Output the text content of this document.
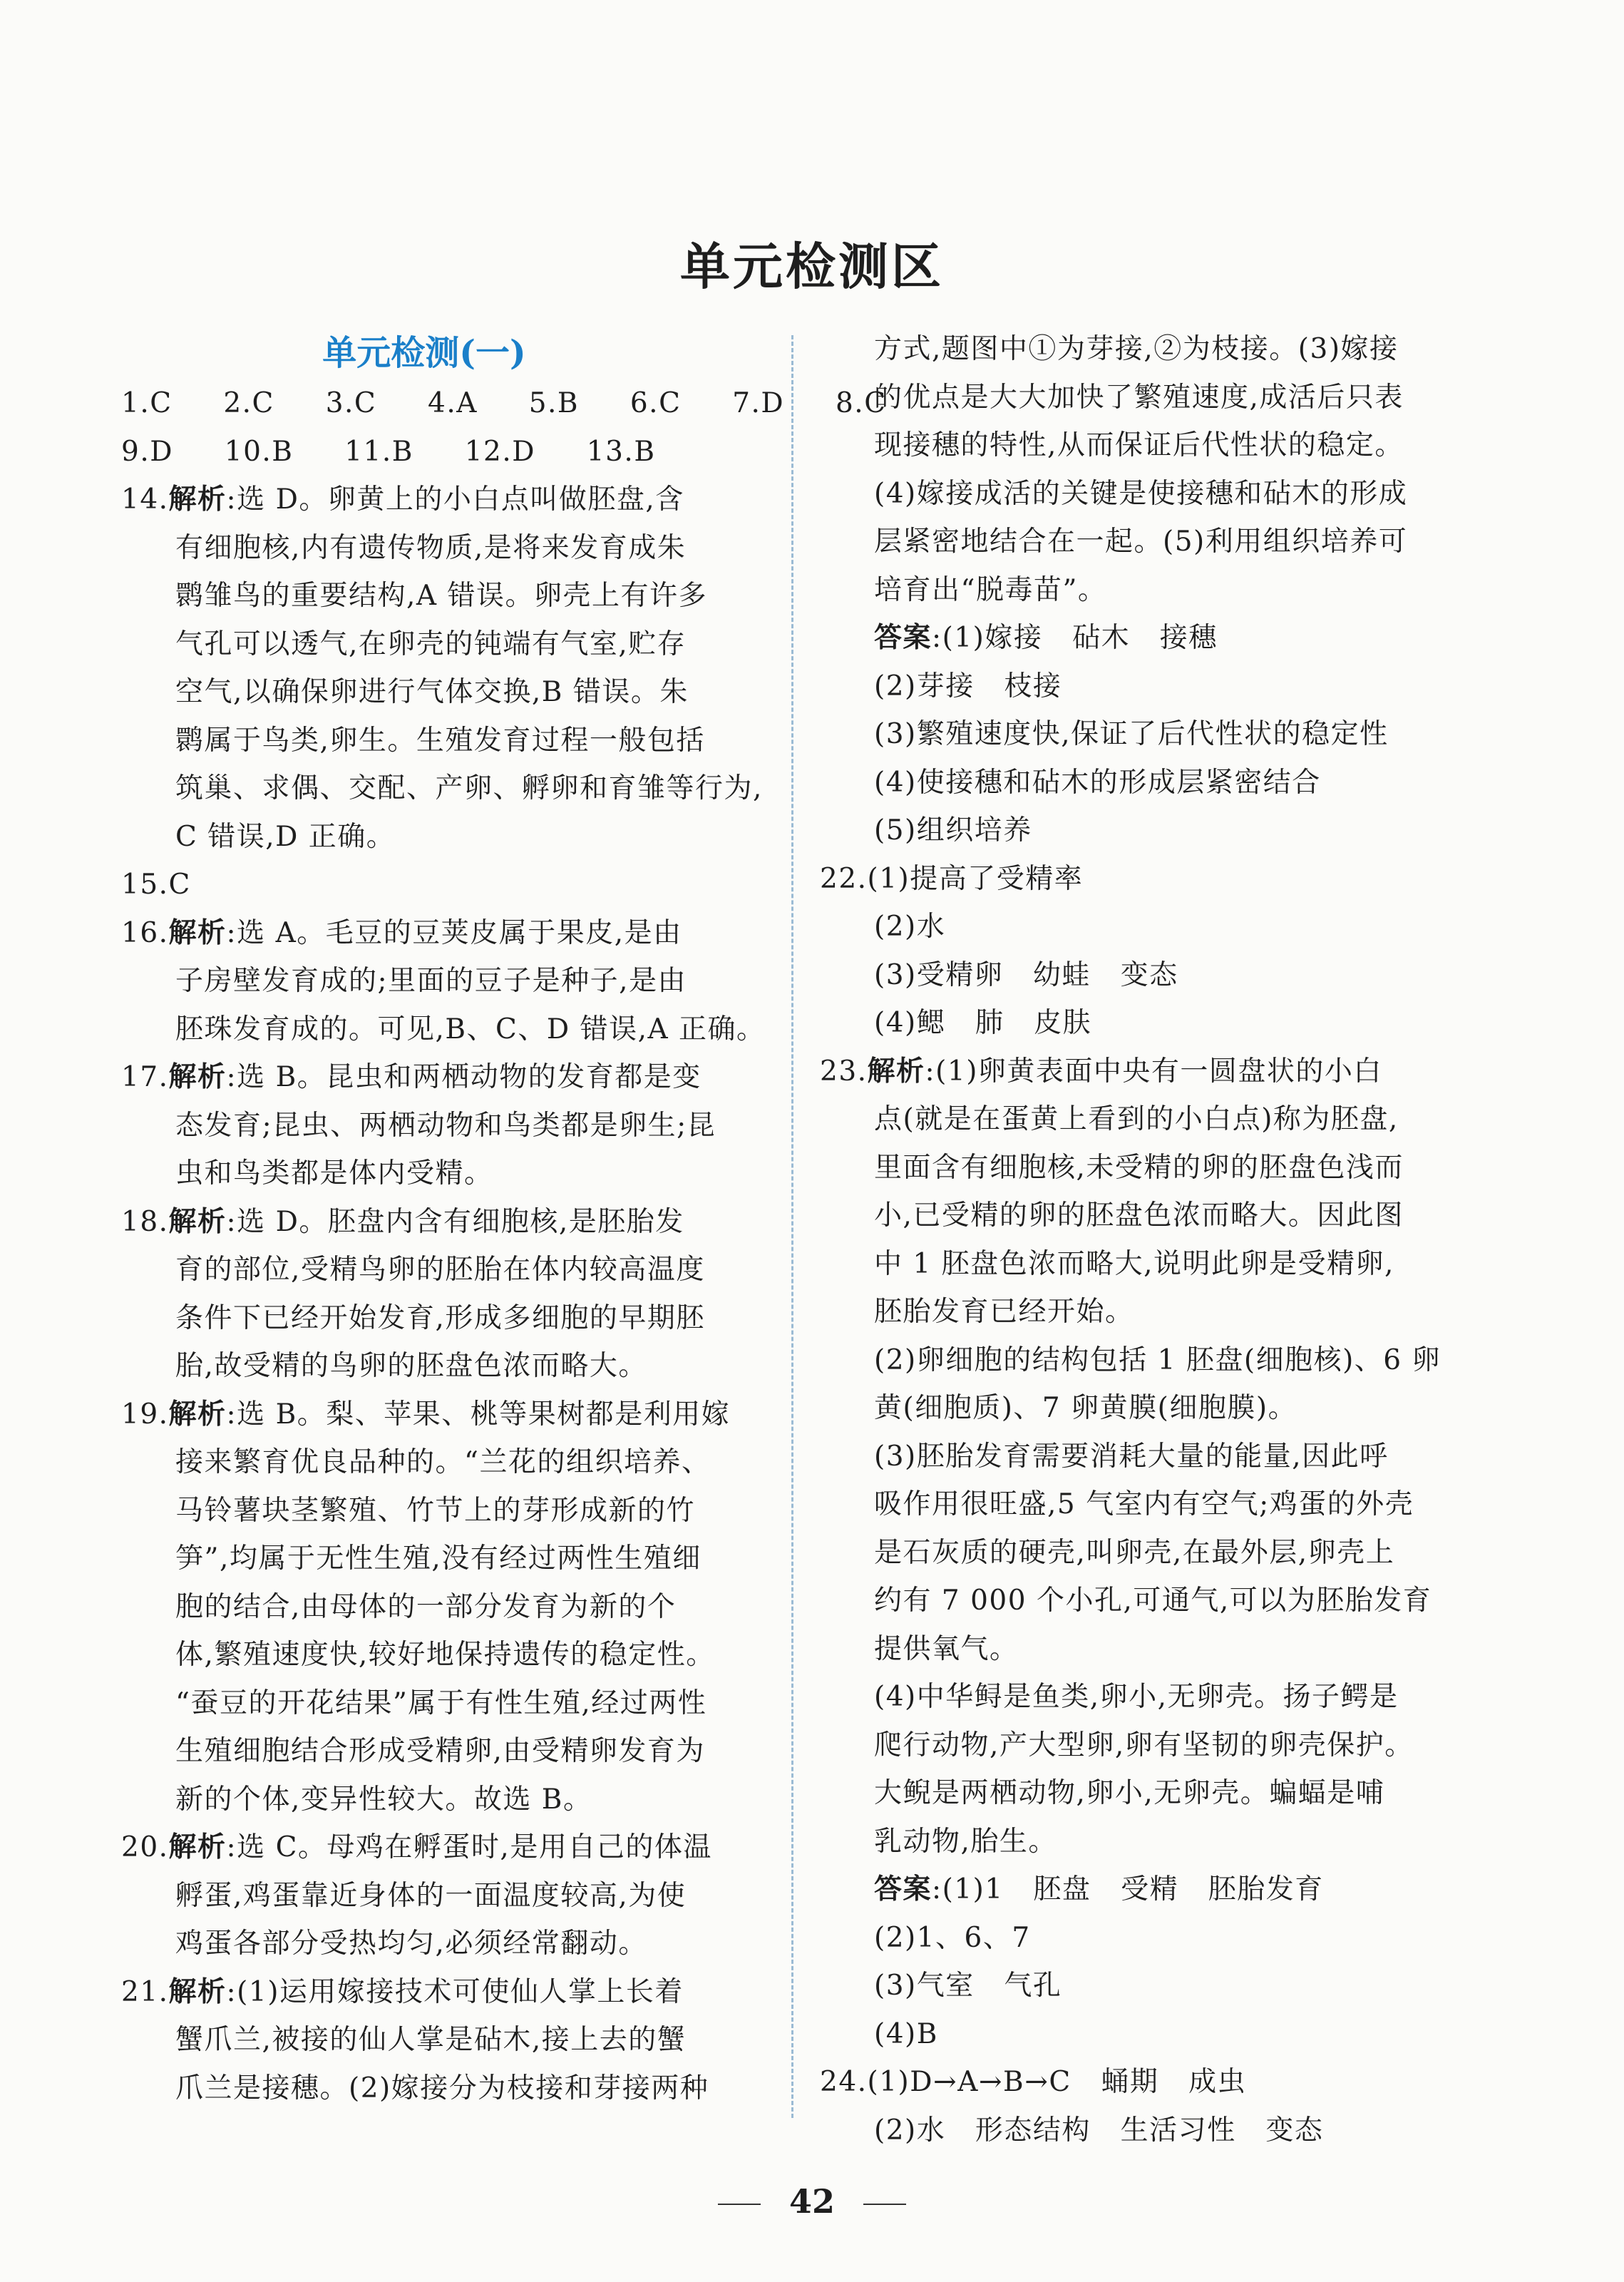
单元检测区
单元检测(一)
1.C  2.C  3.C  4.A  5.B  6.C  7.D  8.C
9.D  10.B  11.B  12.D  13.B
14.解析:选 D。卵黄上的小白点叫做胚盘,含
有细胞核,内有遗传物质,是将来发育成朱
鹮雏鸟的重要结构,A 错误。卵壳上有许多
气孔可以透气,在卵壳的钝端有气室,贮存
空气,以确保卵进行气体交换,B 错误。朱
鹮属于鸟类,卵生。生殖发育过程一般包括
筑巢、求偶、交配、产卵、孵卵和育雏等行为,
C 错误,D 正确。
15.C
16.解析:选 A。毛豆的豆荚皮属于果皮,是由
子房壁发育成的;里面的豆子是种子,是由
胚珠发育成的。可见,B、C、D 错误,A 正确。
17.解析:选 B。昆虫和两栖动物的发育都是变
态发育;昆虫、两栖动物和鸟类都是卵生;昆
虫和鸟类都是体内受精。
18.解析:选 D。胚盘内含有细胞核,是胚胎发
育的部位,受精鸟卵的胚胎在体内较高温度
条件下已经开始发育,形成多细胞的早期胚
胎,故受精的鸟卵的胚盘色浓而略大。
19.解析:选 B。梨、苹果、桃等果树都是利用嫁
接来繁育优良品种的。“兰花的组织培养、
马铃薯块茎繁殖、竹节上的芽形成新的竹
笋”,均属于无性生殖,没有经过两性生殖细
胞的结合,由母体的一部分发育为新的个
体,繁殖速度快,较好地保持遗传的稳定性。
“蚕豆的开花结果”属于有性生殖,经过两性
生殖细胞结合形成受精卵,由受精卵发育为
新的个体,变异性较大。故选 B。
20.解析:选 C。母鸡在孵蛋时,是用自己的体温
孵蛋,鸡蛋靠近身体的一面温度较高,为使
鸡蛋各部分受热均匀,必须经常翻动。
21.解析:(1)运用嫁接技术可使仙人掌上长着
蟹爪兰,被接的仙人掌是砧木,接上去的蟹
爪兰是接穗。(2)嫁接分为枝接和芽接两种
方式,题图中①为芽接,②为枝接。(3)嫁接
的优点是大大加快了繁殖速度,成活后只表
现接穗的特性,从而保证后代性状的稳定。
(4)嫁接成活的关键是使接穗和砧木的形成
层紧密地结合在一起。(5)利用组织培养可
培育出“脱毒苗”。
答案:(1)嫁接   砧木   接穗
(2)芽接   枝接
(3)繁殖速度快,保证了后代性状的稳定性
(4)使接穗和砧木的形成层紧密结合
(5)组织培养
22.(1)提高了受精率
(2)水
(3)受精卵   幼蛙   变态
(4)鳃   肺   皮肤
23.解析:(1)卵黄表面中央有一圆盘状的小白
点(就是在蛋黄上看到的小白点)称为胚盘,
里面含有细胞核,未受精的卵的胚盘色浅而
小,已受精的卵的胚盘色浓而略大。因此图
中 1 胚盘色浓而略大,说明此卵是受精卵,
胚胎发育已经开始。
(2)卵细胞的结构包括 1 胚盘(细胞核)、6 卵
黄(细胞质)、7 卵黄膜(细胞膜)。
(3)胚胎发育需要消耗大量的能量,因此呼
吸作用很旺盛,5 气室内有空气;鸡蛋的外壳
是石灰质的硬壳,叫卵壳,在最外层,卵壳上
约有 7 000 个小孔,可通气,可以为胚胎发育
提供氧气。
(4)中华鲟是鱼类,卵小,无卵壳。扬子鳄是
爬行动物,产大型卵,卵有坚韧的卵壳保护。
大鲵是两栖动物,卵小,无卵壳。蝙蝠是哺
乳动物,胎生。
答案:(1)1   胚盘   受精   胚胎发育
(2)1、6、7
(3)气室   气孔
(4)B
24.(1)D→A→B→C   蛹期   成虫
(2)水   形态结构   生活习性   变态
42
